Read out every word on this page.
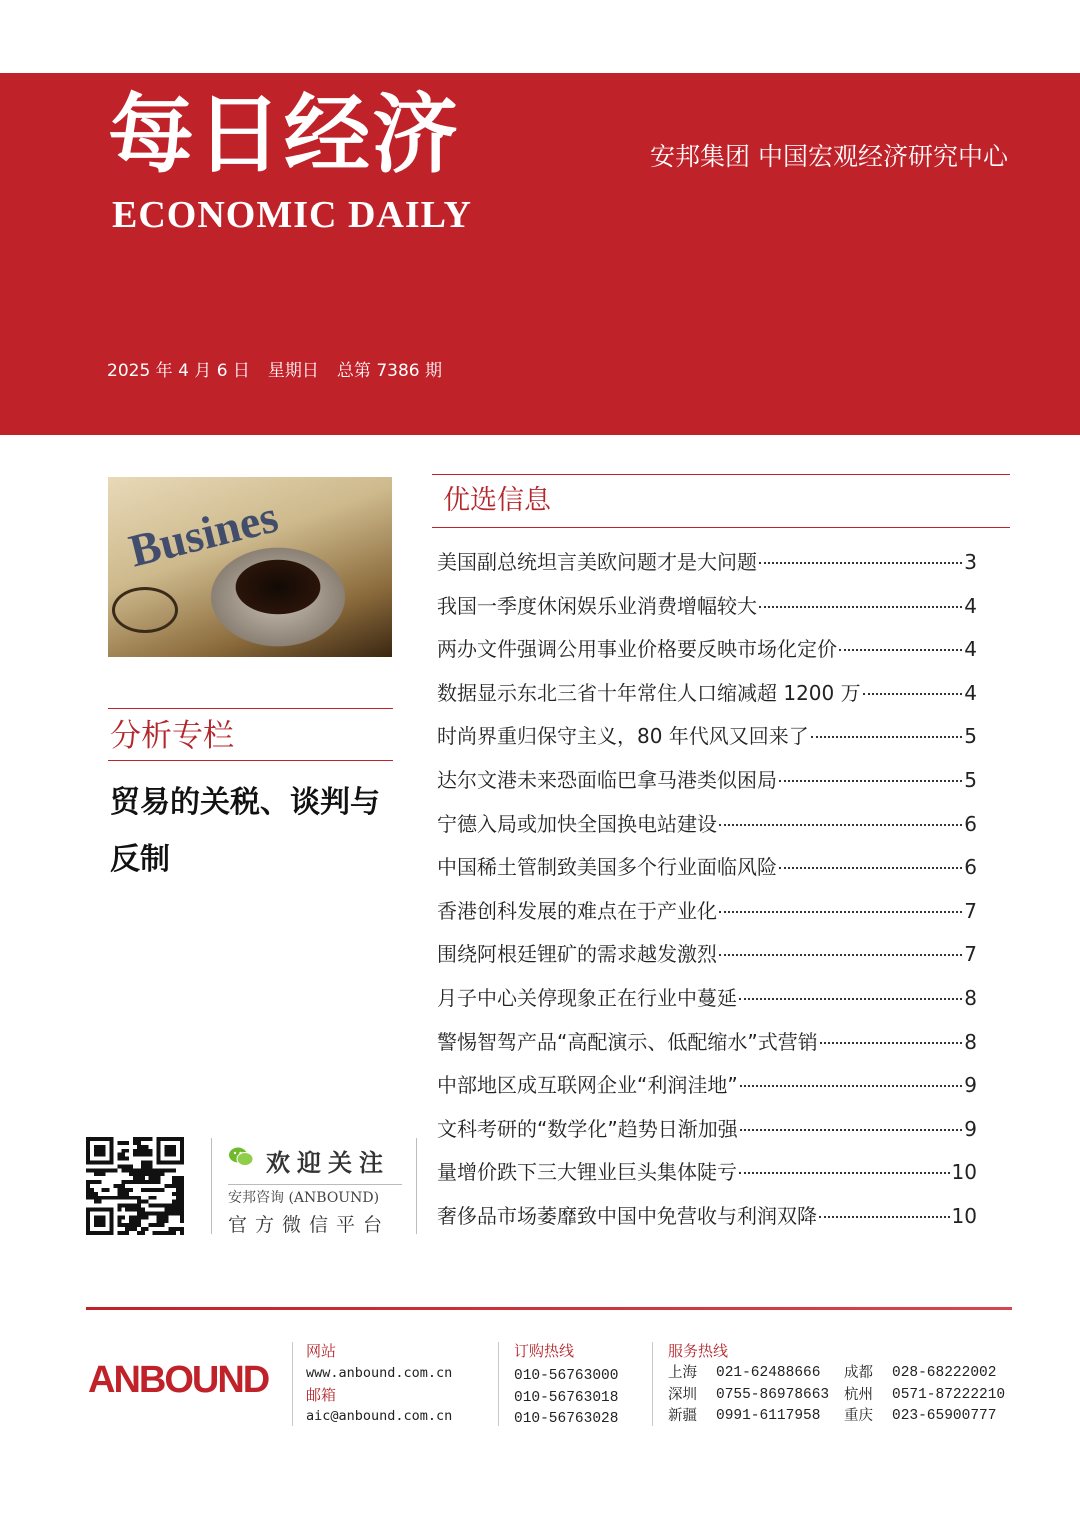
每日经济
ECONOMIC DAILY
安邦集团 中国宏观经济研究中心
2025 年 4 月 6 日 星期日 总第 7386 期
Busines
分析专栏
贸易的关税、谈判与反制
优选信息
美国副总统坦言美欧问题才是大问题	3
我国一季度休闲娱乐业消费增幅较大	4
两办文件强调公用事业价格要反映市场化定价	4
数据显示东北三省十年常住人口缩减超 1200 万	4
时尚界重归保守主义，80 年代风又回来了	5
达尔文港未来恐面临巴拿马港类似困局	5
宁德入局或加快全国换电站建设	6
中国稀土管制致美国多个行业面临风险	6
香港创科发展的难点在于产业化	7
围绕阿根廷锂矿的需求越发激烈	7
月子中心关停现象正在行业中蔓延	8
警惕智驾产品“高配演示、低配缩水”式营销	8
中部地区成互联网企业“利润洼地”	9
文科考研的“数学化”趋势日渐加强	9
量增价跌下三大锂业巨头集体陡亏	10
奢侈品市场萎靡致中国中免营收与利润双降	10
欢迎关注
安邦咨询 (ANBOUND)
官方微信平台
ANBOUND
网站
www.anbound.com.cn
邮箱
aic@anbound.com.cn
订购热线
010-56763000
010-56763018
010-56763028
服务热线
上海	021-62488666	成都	028-68222002
深圳	0755-86978663	杭州	0571-87222210
新疆	0991-6117958	重庆	023-65900777
